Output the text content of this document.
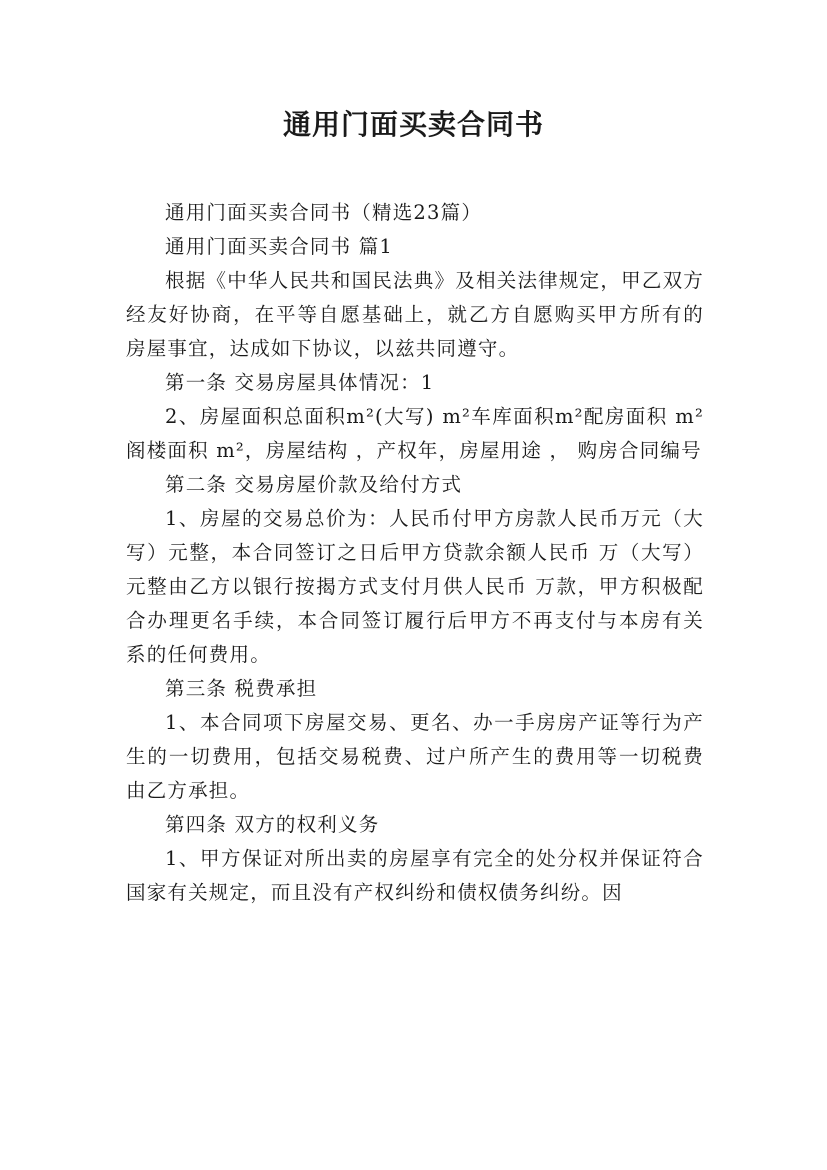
通用门面买卖合同书

通用门面买卖合同书（精选23篇）

通用门面买卖合同书 篇1

根据《中华人民共和国民法典》及相关法律规定，甲乙双方经友好协商，在平等自愿基础上，就乙方自愿购买甲方所有的房屋事宜，达成如下协议，以兹共同遵守。

第一条 交易房屋具体情况：1

2、房屋面积总面积m²(大写) m²车库面积m²配房面积 m²阁楼面积 m²，房屋结构 ，产权年，房屋用途 ， 购房合同编号

第二条 交易房屋价款及给付方式

1、房屋的交易总价为：人民币付甲方房款人民币万元（大写）元整，本合同签订之日后甲方贷款余额人民币 万（大写）元整由乙方以银行按揭方式支付月供人民币 万款，甲方积极配合办理更名手续，本合同签订履行后甲方不再支付与本房有关系的任何费用。

第三条 税费承担

1、本合同项下房屋交易、更名、办一手房房产证等行为产生的一切费用，包括交易税费、过户所产生的费用等一切税费由乙方承担。

第四条 双方的权利义务

1、甲方保证对所出卖的房屋享有完全的处分权并保证符合国家有关规定，而且没有产权纠纷和债权债务纠纷。因
